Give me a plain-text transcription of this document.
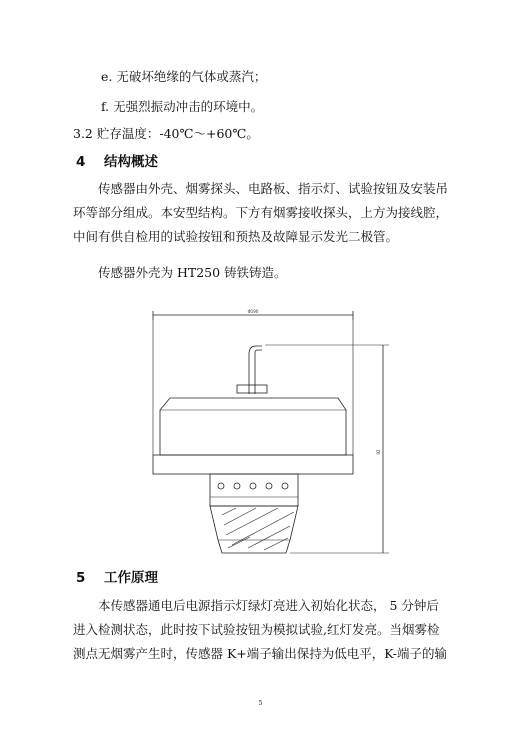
e. 无破坏绝缘的气体或蒸汽；
f. 无强烈振动冲击的环境中。
3.2 贮存温度：-40℃～+60℃。
4 结构概述
传感器由外壳、烟雾探头、电路板、指示灯、试验按钮及安装吊
环等部分组成。本安型结构。下方有烟雾接收探头，上方为接线腔，
中间有供自检用的试验按钮和预热及故障显示发光二极管。
传感器外壳为 HT250 铸铁铸造。
Φ190
92
5 工作原理
本传感器通电后电源指示灯绿灯亮进入初始化状态， 5 分钟后
进入检测状态，此时按下试验按钮为模拟试验,红灯发亮。当烟雾检
测点无烟雾产生时，传感器 K+端子输出保持为低电平，K-端子的输
5
